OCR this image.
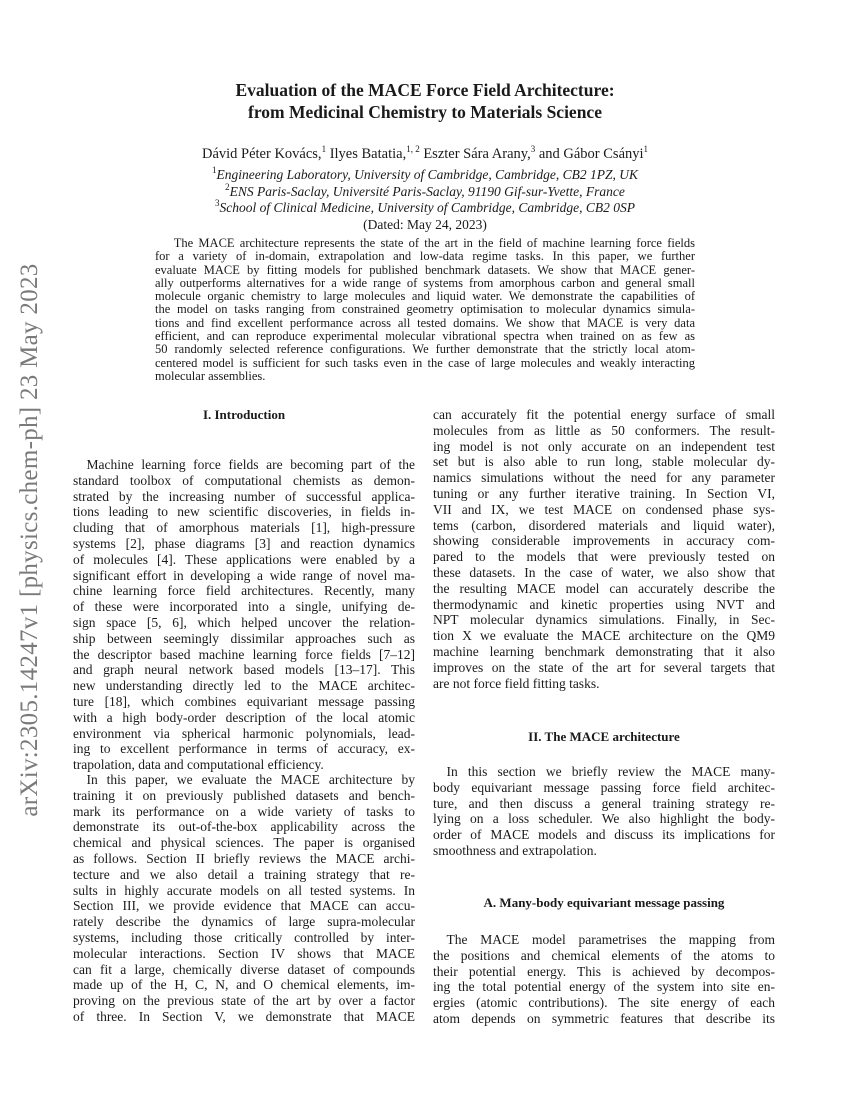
arXiv:2305.14247v1 [physics.chem-ph] 23 May 2023
Evaluation of the MACE Force Field Architecture:
from Medicinal Chemistry to Materials Science
Dávid Péter Kovács,$^1$ Ilyes Batatia,$^{1, 2}$ Eszter Sára Arany,$^3$ and Gábor Csányi$^1$
$^1$Engineering Laboratory, University of Cambridge, Cambridge, CB2 1PZ, UK
$^2$ENS Paris-Saclay, Université Paris-Saclay, 91190 Gif-sur-Yvette, France
$^3$School of Clinical Medicine, University of Cambridge, Cambridge, CB2 0SP
(Dated: May 24, 2023)
  The MACE architecture represents the state of the art in the field of machine learning force fields
for a variety of in-domain, extrapolation and low-data regime tasks. In this paper, we further
evaluate MACE by fitting models for published benchmark datasets. We show that MACE gener-
ally outperforms alternatives for a wide range of systems from amorphous carbon and general small
molecule organic chemistry to large molecules and liquid water. We demonstrate the capabilities of
the model on tasks ranging from constrained geometry optimisation to molecular dynamics simula-
tions and find excellent performance across all tested domains. We show that MACE is very data
efficient, and can reproduce experimental molecular vibrational spectra when trained on as few as
50 randomly selected reference configurations. We further demonstrate that the strictly local atom-
centered model is sufficient for such tasks even in the case of large molecules and weakly interacting
molecular assemblies.
I. Introduction
 Machine learning force fields are becoming part of the
standard toolbox of computational chemists as demon-
strated by the increasing number of successful applica-
tions leading to new scientific discoveries, in fields in-
cluding that of amorphous materials [1], high-pressure
systems [2], phase diagrams [3] and reaction dynamics
of molecules [4]. These applications were enabled by a
significant effort in developing a wide range of novel ma-
chine learning force field architectures. Recently, many
of these were incorporated into a single, unifying de-
sign space [5, 6], which helped uncover the relation-
ship between seemingly dissimilar approaches such as
the descriptor based machine learning force fields [7–12]
and graph neural network based models [13–17]. This
new understanding directly led to the MACE architec-
ture [18], which combines equivariant message passing
with a high body-order description of the local atomic
environment via spherical harmonic polynomials, lead-
ing to excellent performance in terms of accuracy, ex-
trapolation, data and computational efficiency.
 In this paper, we evaluate the MACE architecture by
training it on previously published datasets and bench-
mark its performance on a wide variety of tasks to
demonstrate its out-of-the-box applicability across the
chemical and physical sciences. The paper is organised
as follows. Section II briefly reviews the MACE archi-
tecture and we also detail a training strategy that re-
sults in highly accurate models on all tested systems. In
Section III, we provide evidence that MACE can accu-
rately describe the dynamics of large supra-molecular
systems, including those critically controlled by inter-
molecular interactions. Section IV shows that MACE
can fit a large, chemically diverse dataset of compounds
made up of the H, C, N, and O chemical elements, im-
proving on the previous state of the art by over a factor
of three. In Section V, we demonstrate that MACE
can accurately fit the potential energy surface of small
molecules from as little as 50 conformers. The result-
ing model is not only accurate on an independent test
set but is also able to run long, stable molecular dy-
namics simulations without the need for any parameter
tuning or any further iterative training. In Section VI,
VII and IX, we test MACE on condensed phase sys-
tems (carbon, disordered materials and liquid water),
showing considerable improvements in accuracy com-
pared to the models that were previously tested on
these datasets. In the case of water, we also show that
the resulting MACE model can accurately describe the
thermodynamic and kinetic properties using NVT and
NPT molecular dynamics simulations. Finally, in Sec-
tion X we evaluate the MACE architecture on the QM9
machine learning benchmark demonstrating that it also
improves on the state of the art for several targets that
are not force field fitting tasks.
II. The MACE architecture
 In this section we briefly review the MACE many-
body equivariant message passing force field architec-
ture, and then discuss a general training strategy re-
lying on a loss scheduler. We also highlight the body-
order of MACE models and discuss its implications for
smoothness and extrapolation.
A. Many-body equivariant message passing
 The MACE model parametrises the mapping from
the positions and chemical elements of the atoms to
their potential energy. This is achieved by decompos-
ing the total potential energy of the system into site en-
ergies (atomic contributions). The site energy of each
atom depends on symmetric features that describe its
